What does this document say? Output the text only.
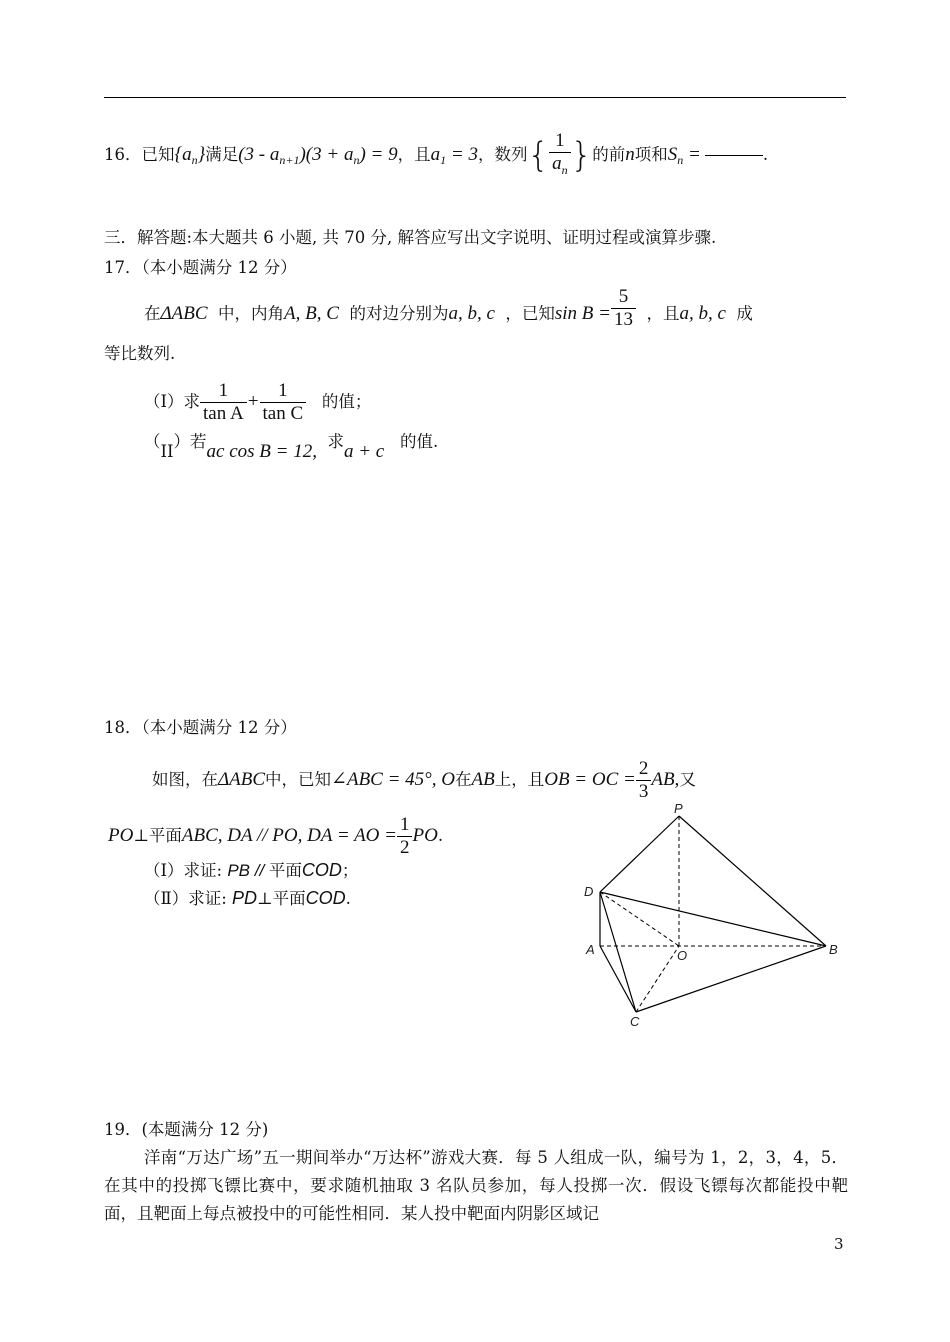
16．已知$\{a_n\}$满足$(3 - a_{n+1})(3 + a_n) = 9$，且$a_1 = 3$，数列{ $\frac{1}{a_n}$ }的前n项和$S_n$ =	.
三．解答题:本大题共 6 小题, 共 70 分, 解答应写出文字说明、证明过程或演算步骤.
17．（本小题满分 12 分）
在ΔABC 中，内角A, B, C 的对边分别为a, b, c ，已知$\sin B = \frac{5}{13}$ ，且a, b, c 成
等比数列.
（Ⅰ）求 $\frac{1}{\text{tan A}} + \frac{1}{\text{tan C}}$ 的值；
（II）若ac cos B = 12, 求a + c 的值.
18．（本小题满分 12 分）
如图，在ΔABC中，已知∠ABC = 45°, O在AB上，且OB = OC = $\frac{2}{3}$ AB,又
PO⊥平面ABC, DA // PO, DA = AO = $\frac{1}{2}$ PO.
（Ⅰ）求证: PB // 平面COD；
（Ⅱ）求证: PD⊥平面COD.
P
D
A	O	B
C
19．(本题满分 12 分)
洋南“万达广场”五一期间举办“万达杯”游戏大赛．每 5 人组成一队，编号为 1，2，3，4，5．在其中的投掷飞镖比赛中，要求随机抽取 3 名队员参加，每人投掷一次．假设飞镖每次都能投中靶面，且靶面上每点被投中的可能性相同．某人投中靶面内阴影区域记
3
